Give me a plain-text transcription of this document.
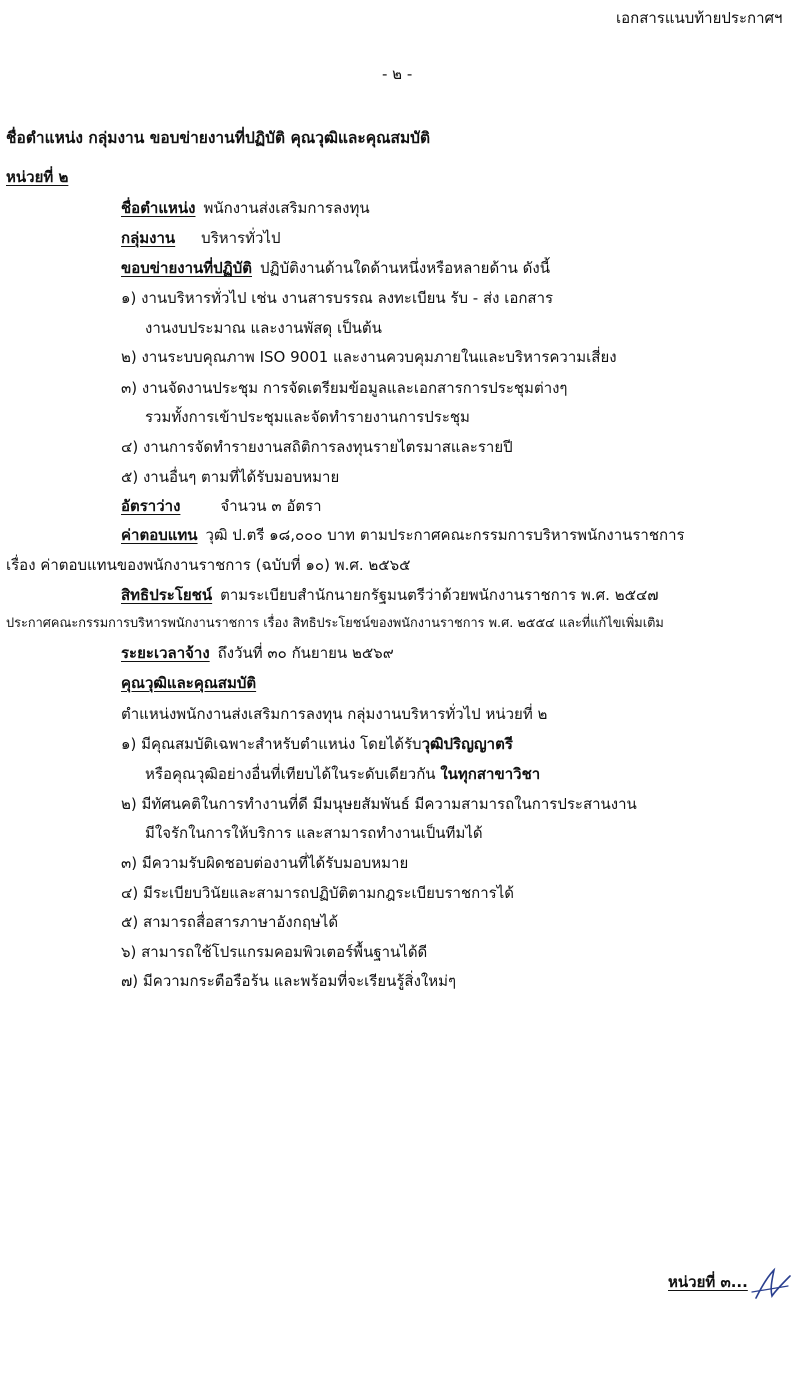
เอกสารแนบท้ายประกาศฯ
- ๒ -
ชื่อตำแหน่ง กลุ่มงาน ขอบข่ายงานที่ปฏิบัติ คุณวุฒิและคุณสมบัติ
หน่วยที่ ๒
ชื่อตำแหน่ง พนักงานส่งเสริมการลงทุน
กลุ่มงาน บริหารทั่วไป
ขอบข่ายงานที่ปฏิบัติ ปฏิบัติงานด้านใดด้านหนึ่งหรือหลายด้าน ดังนี้
๑) งานบริหารทั่วไป เช่น งานสารบรรณ ลงทะเบียน รับ - ส่ง เอกสาร
งานงบประมาณ และงานพัสดุ เป็นต้น
๒) งานระบบคุณภาพ ISO 9001 และงานควบคุมภายในและบริหารความเสี่ยง
๓) งานจัดงานประชุม การจัดเตรียมข้อมูลและเอกสารการประชุมต่างๆ
รวมทั้งการเข้าประชุมและจัดทำรายงานการประชุม
๔) งานการจัดทำรายงานสถิติการลงทุนรายไตรมาสและรายปี
๕) งานอื่นๆ ตามที่ได้รับมอบหมาย
อัตราว่าง	จำนวน ๓ อัตรา
ค่าตอบแทน วุฒิ ป.ตรี ๑๘,๐๐๐ บาท ตามประกาศคณะกรรมการบริหารพนักงานราชการ
เรื่อง ค่าตอบแทนของพนักงานราชการ (ฉบับที่ ๑๐) พ.ศ. ๒๕๖๕
สิทธิประโยชน์ ตามระเบียบสำนักนายกรัฐมนตรีว่าด้วยพนักงานราชการ พ.ศ. ๒๕๔๗
ประกาศคณะกรรมการบริหารพนักงานราชการ เรื่อง สิทธิประโยชน์ของพนักงานราชการ พ.ศ. ๒๕๕๔ และที่แก้ไขเพิ่มเติม
ระยะเวลาจ้าง ถึงวันที่ ๓๐ กันยายน ๒๕๖๙
คุณวุฒิและคุณสมบัติ
ตำแหน่งพนักงานส่งเสริมการลงทุน กลุ่มงานบริหารทั่วไป หน่วยที่ ๒
๑) มีคุณสมบัติเฉพาะสำหรับตำแหน่ง โดยได้รับวุฒิปริญญาตรี
หรือคุณวุฒิอย่างอื่นที่เทียบได้ในระดับเดียวกัน ในทุกสาขาวิชา
๒) มีทัศนคติในการทำงานที่ดี มีมนุษยสัมพันธ์ มีความสามารถในการประสานงาน
มีใจรักในการให้บริการ และสามารถทำงานเป็นทีมได้
๓) มีความรับผิดชอบต่องานที่ได้รับมอบหมาย
๔) มีระเบียบวินัยและสามารถปฏิบัติตามกฎระเบียบราชการได้
๕) สามารถสื่อสารภาษาอังกฤษได้
๖) สามารถใช้โปรแกรมคอมพิวเตอร์พื้นฐานได้ดี
๗) มีความกระตือรือร้น และพร้อมที่จะเรียนรู้สิ่งใหม่ๆ
หน่วยที่ ๓...
